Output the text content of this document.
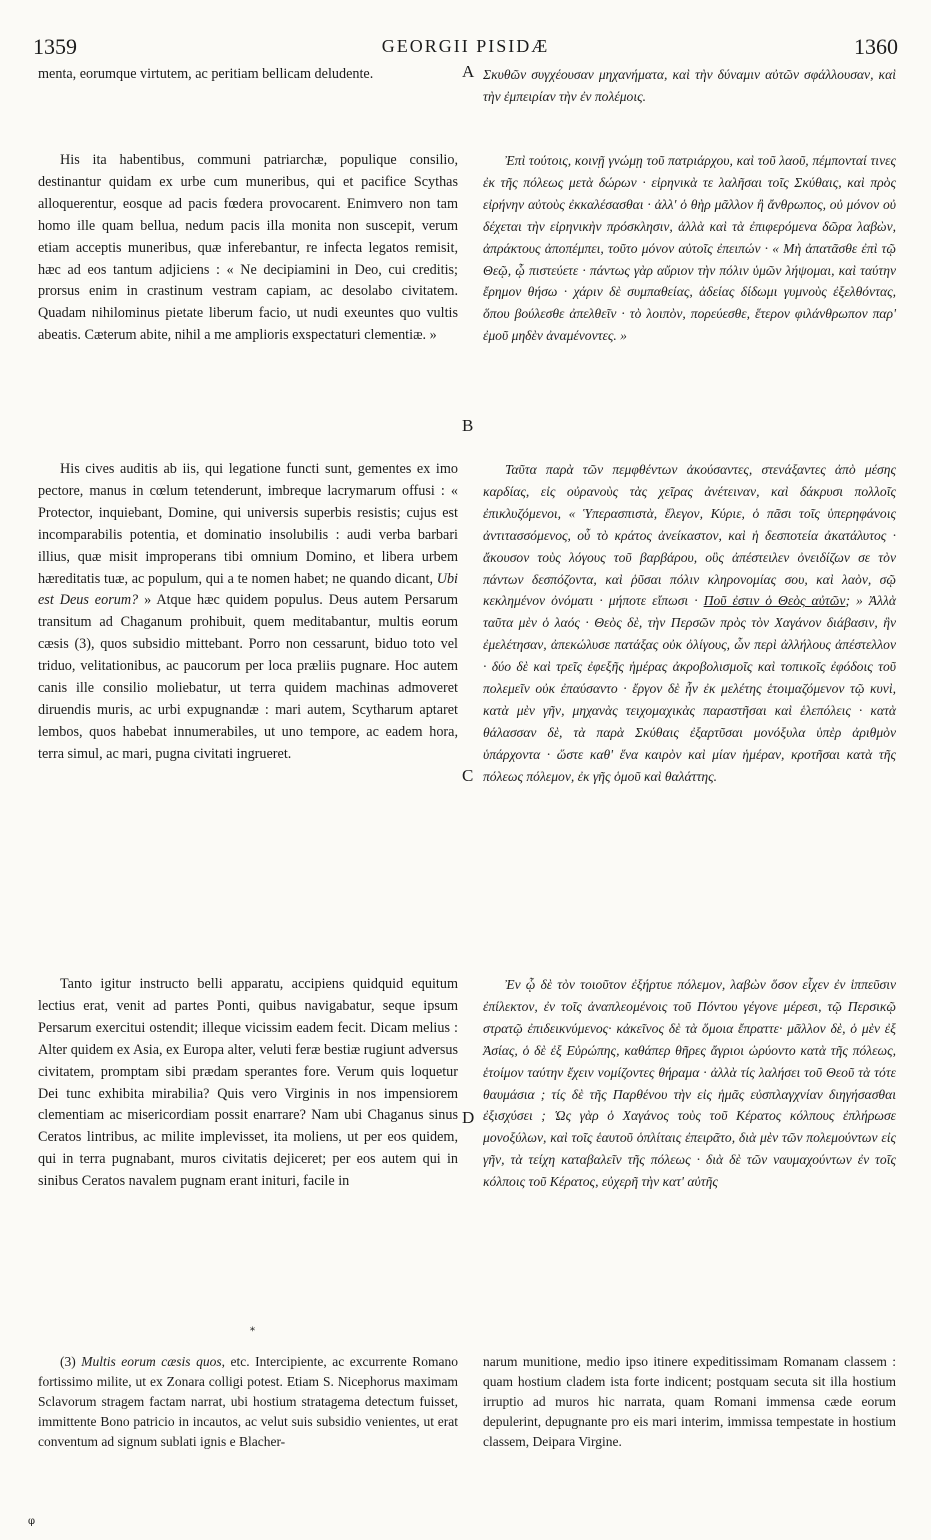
1359	GEORGII PISIDÆ	1360
A
B
C
D

menta, eorumque virtutem, ac peritiam bellicam deludente.

His ita habentibus, communi patriarchæ, populique consilio, destinantur quidam ex urbe cum muneribus, qui et pacifice Scythas alloquerentur, eosque ad pacis fœdera provocarent. Enimvero non tam homo ille quam bellua, nedum pacis illa monita non suscepit, verum etiam acceptis muneribus, quæ inferebantur, re infecta legatos remisit, hæc ad eos tantum adjiciens : « Ne decipiamini in Deo, cui creditis; prorsus enim in crastinum vestram capiam, ac desolabo civitatem. Quadam nihilominus pietate liberum facio, ut nudi exeuntes quo vultis abeatis. Cæterum abite, nihil a me amplioris exspectaturi clementiæ. »

His cives auditis ab iis, qui legatione functi sunt, gementes ex imo pectore, manus in cœlum tetenderunt, imbreque lacrymarum offusi : « Protector, inquiebant, Domine, qui universis superbis resistis; cujus est incomparabilis potentia, et dominatio insolubilis : audi verba barbari illius, quæ misit improperans tibi omnium Domino, et libera urbem hæreditatis tuæ, ac populum, qui a te nomen habet; ne quando dicant, Ubi est Deus eorum? » Atque hæc quidem populus. Deus autem Persarum transitum ad Chaganum prohibuit, quem meditabantur, multis eorum cæsis (3), quos subsidio mittebant. Porro non cessarunt, biduo toto vel triduo, velitationibus, ac paucorum per loca præliis pugnare. Hoc autem canis ille consilio moliebatur, ut terra quidem machinas admoveret diruendis muris, ac urbi expugnandæ : mari autem, Scytharum aptaret lembos, quos habebat innumerabiles, ut uno tempore, ac eadem hora, terra simul, ac mari, pugna civitati ingrueret.

Tanto igitur instructo belli apparatu, accipiens quidquid equitum lectius erat, venit ad partes Ponti, quibus navigabatur, seque ipsum Persarum exercitui ostendit; illeque vicissim eadem fecit. Dicam melius : Alter quidem ex Asia, ex Europa alter, veluti feræ bestiæ rugiunt adversus civitatem, promptam sibi prædam sperantes fore. Verum quis loquetur Dei tunc exhibita mirabilia? Quis vero Virginis in nos impensiorem clementiam ac misericordiam possit enarrare? Nam ubi Chaganus sinus Ceratos lintribus, ac milite implevisset, ita moliens, ut per eos quidem, qui in terra pugnabant, muros civitatis dejiceret; per eos autem qui in sinibus Ceratos navalem pugnam erant inituri, facile in

Σκυθῶν συγχέουσαν μηχανήματα, καὶ τὴν δύναμιν αὐτῶν σφάλλουσαν, καὶ τὴν ἐμπειρίαν τὴν ἐν πολέμοις.

Ἐπὶ τούτοις, κοινῇ γνώμῃ τοῦ πατριάρχου, καὶ τοῦ λαοῦ, πέμπονταί τινες ἐκ τῆς πόλεως μετὰ δώρων · εἰρηνικὰ τε λαλῆσαι τοῖς Σκύθαις, καὶ πρὸς εἰρήνην αὐτοὺς ἐκκαλέσασθαι · ἀλλ' ὁ θὴρ μᾶλλον ἢ ἄνθρωπος, οὐ μόνον οὐ δέχεται τὴν εἰρηνικὴν πρόσκλησιν, ἀλλὰ καὶ τὰ ἐπιφερόμενα δῶρα λαβὼν, ἀπράκτους ἀποπέμπει, τοῦτο μόνον αὐτοῖς ἐπειπών · « Μὴ ἀπατᾶσθε ἐπὶ τῷ Θεῷ, ᾧ πιστεύετε · πάντως γὰρ αὔριον τὴν πόλιν ὑμῶν λήψομαι, καὶ ταύτην ἔρημον θήσω · χάριν δὲ συμπαθείας, ἀδείας δίδωμι γυμνοὺς ἐξελθόντας, ὅπου βούλεσθε ἀπελθεῖν · τὸ λοιπὸν, πορεύεσθε, ἕτερον φιλάνθρωπον παρ' ἐμοῦ μηδὲν ἀναμένοντες. »

Ταῦτα παρὰ τῶν πεμφθέντων ἀκούσαντες, στενάξαντες ἀπὸ μέσης καρδίας, εἰς οὐρανοὺς τὰς χεῖρας ἀνέτειναν, καὶ δάκρυσι πολλοῖς ἐπικλυζόμενοι, « Ὑπερασπιστὰ, ἔλεγον, Κύριε, ὁ πᾶσι τοῖς ὑπερηφάνοις ἀντιτασσόμενος, οὗ τὸ κράτος ἀνείκαστον, καὶ ἡ δεσποτεία ἀκατάλυτος · ἄκουσον τοὺς λόγους τοῦ βαρβάρου, οὓς ἀπέστειλεν ὀνειδίζων σε τὸν πάντων δεσπόζοντα, καὶ ῥῦσαι πόλιν κληρονομίας σου, καὶ λαὸν, σῷ κεκλημένον ὀνόματι · μήποτε εἴπωσι · Ποῦ ἐστιν ὁ Θεὸς αὐτῶν; » Ἀλλὰ ταῦτα μὲν ὁ λαός · Θεὸς δὲ, τὴν Περσῶν πρὸς τὸν Χαγάνον διάβασιν, ἣν ἐμελέτησαν, ἀπεκώλυσε πατάξας οὐκ ὀλίγους, ὧν περὶ ἀλλήλους ἀπέστελλον · δύο δὲ καὶ τρεῖς ἐφεξῆς ἡμέρας ἀκροβολισμοῖς καὶ τοπικοῖς ἐφόδοις τοῦ πολεμεῖν οὐκ ἐπαύσαντο · ἔργον δὲ ἦν ἐκ μελέτης ἑτοιμαζόμενον τῷ κυνὶ, κατὰ μὲν γῆν, μηχανὰς τειχομαχικὰς παραστῆσαι καὶ ἑλεπόλεις · κατὰ θάλασσαν δὲ, τὰ παρὰ Σκύθαις ἐξαρτῦσαι μονόξυλα ὑπὲρ ἀριθμὸν ὑπάρχοντα · ὥστε καθ' ἕνα καιρὸν καὶ μίαν ἡμέραν, κροτῆσαι κατὰ τῆς πόλεως πόλεμον, ἐκ γῆς ὁμοῦ καὶ θαλάττης.

Ἐν ᾧ δὲ τὸν τοιοῦτον ἐξήρτυε πόλεμον, λαβὼν ὅσον εἶχεν ἐν ἱππεῦσιν ἐπίλεκτον, ἐν τοῖς ἀναπλεομένοις τοῦ Πόντου γέγονε μέρεσι, τῷ Περσικῷ στρατῷ ἐπιδεικνύμενος· κἀκεῖνος δὲ τὰ ὅμοια ἔπραττε· μᾶλλον δὲ, ὁ μὲν ἐξ Ἀσίας, ὁ δὲ ἐξ Εὐρώπης, καθάπερ θῆρες ἄγριοι ὠρύοντο κατὰ τῆς πόλεως, ἑτοίμον ταύτην ἔχειν νομίζοντες θήραμα · ἀλλὰ τίς λαλήσει τοῦ Θεοῦ τὰ τότε θαυμάσια ; τίς δὲ τῆς Παρθένου τὴν εἰς ἡμᾶς εὐσπλαγχνίαν διηγήσασθαι ἐξισχύσει ; Ὡς γὰρ ὁ Χαγάνος τοὺς τοῦ Κέρατος κόλπους ἐπλήρωσε μονοξύλων, καὶ τοῖς ἑαυτοῦ ὁπλίταις ἐπειρᾶτο, διὰ μὲν τῶν πολεμούντων εἰς γῆν, τὰ τείχη καταβαλεῖν τῆς πόλεως · διὰ δὲ τῶν ναυμαχούντων ἐν τοῖς κόλποις τοῦ Κέρατος, εὐχερῆ τὴν κατ' αὐτῆς

*

(3) Multis eorum cæsis quos, etc. Intercipiente, ac excurrente Romano fortissimo milite, ut ex Zonara colligi potest. Etiam S. Nicephorus maximam Sclavorum stragem factam narrat, ubi hostium stratagema detectum fuisset, immittente Bono patricio in incautos, ac velut suis subsidio venientes, ut erat conventum ad signum sublati ignis e Blacher-

narum munitione, medio ipso itinere expeditissimam Romanam classem : quam hostium cladem ista forte indicent; postquam secuta sit illa hostium irruptio ad muros hic narrata, quam Romani immensa cæde eorum depulerint, depugnante pro eis mari interim, immissa tempestate in hostium classem, Deipara Virgine.

φ
